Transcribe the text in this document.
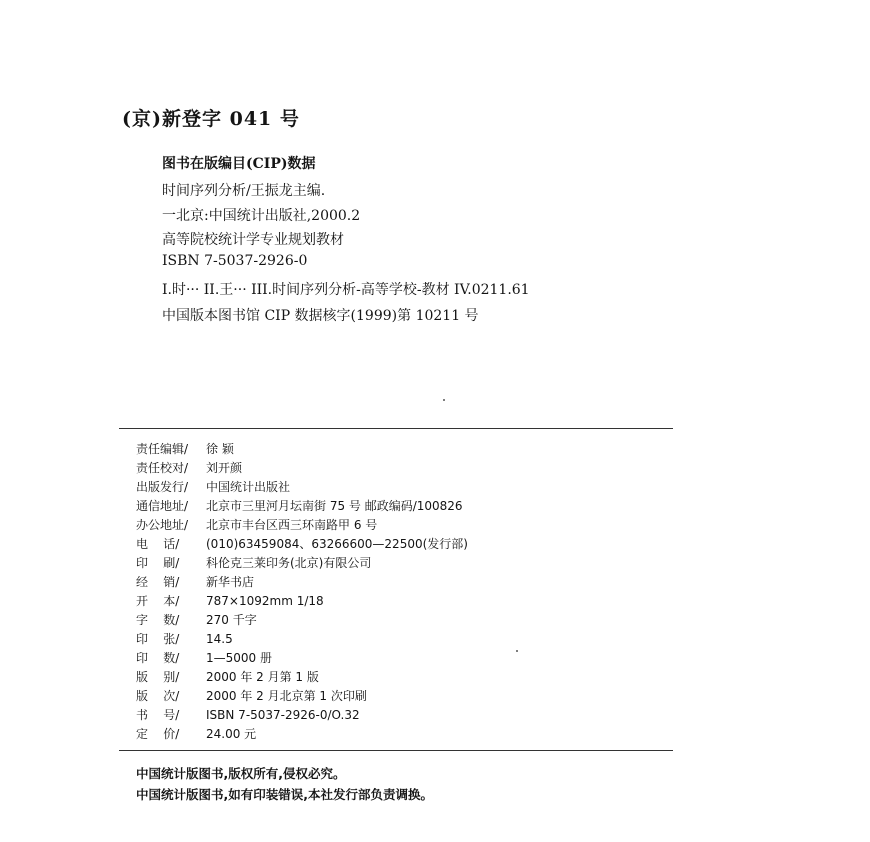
(京)新登字 041 号
图书在版编目(CIP)数据
时间序列分析/王振龙主编.
一北京:中国统计出版社,2000.2
高等院校统计学专业规划教材
ISBN 7-5037-2926-0
I.时··· II.王··· III.时间序列分析-高等学校-教材 IV.0211.61
中国版本图书馆 CIP 数据核字(1999)第 10211 号
责任编辑/ 徐 颖
责任校对/ 刘开颜
出版发行/ 中国统计出版社
通信地址/ 北京市三里河月坛南街 75 号 邮政编码/100826
办公地址/ 北京市丰台区西三环南路甲 6 号
电    话/ (010)63459084、63266600—22500(发行部)
印    刷/ 科伦克三莱印务(北京)有限公司
经    销/ 新华书店
开    本/ 787×1092mm 1/18
字    数/ 270 千字
印    张/ 14.5
印    数/ 1—5000 册
版    别/ 2000 年 2 月第 1 版
版    次/ 2000 年 2 月北京第 1 次印刷
书    号/ ISBN 7-5037-2926-0/O.32
定    价/ 24.00 元
中国统计版图书,版权所有,侵权必究。
中国统计版图书,如有印装错误,本社发行部负责调换。
